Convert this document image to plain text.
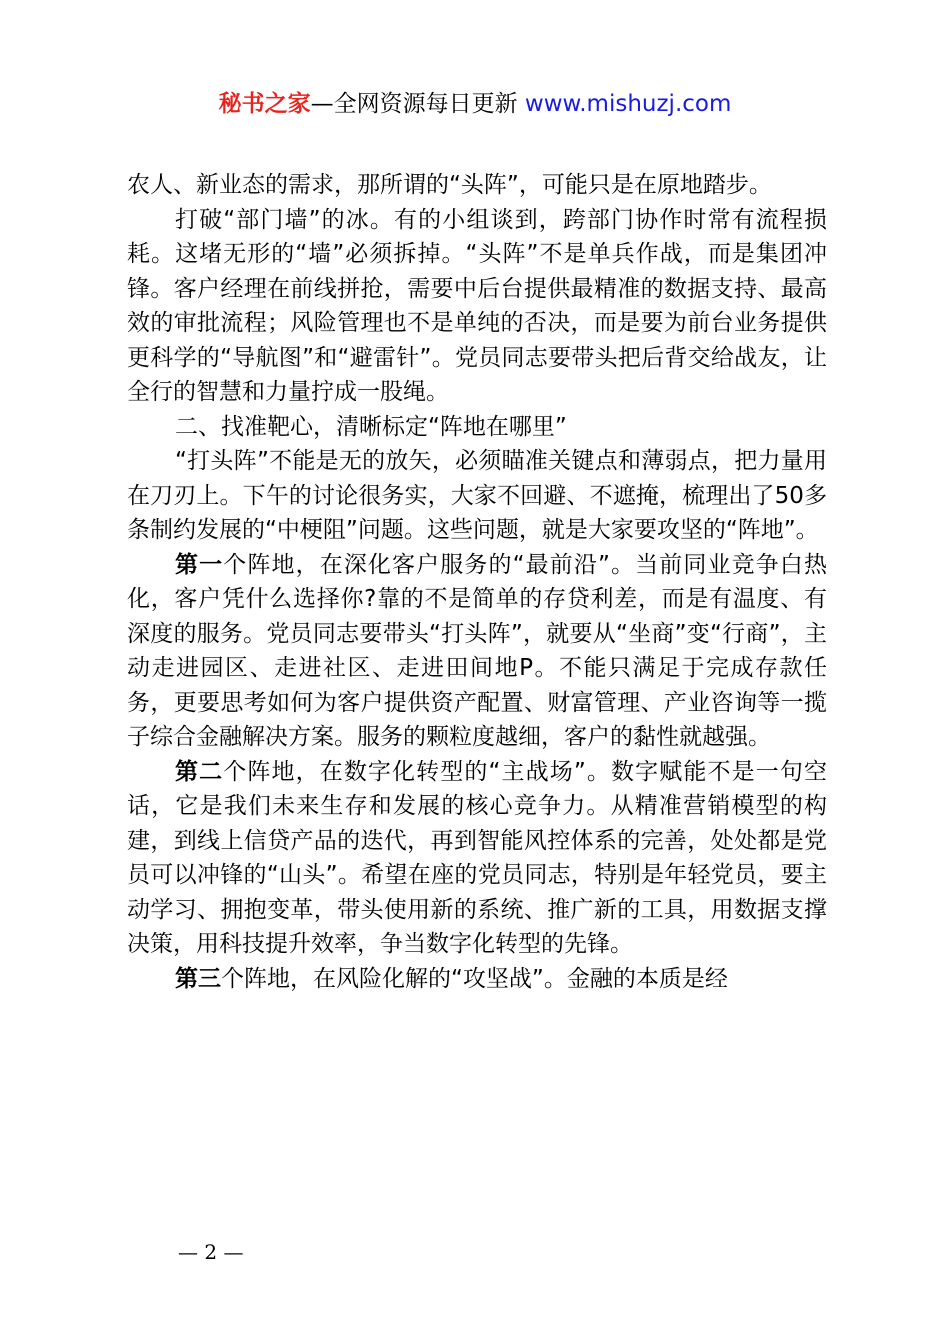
秘书之家—全网资源每日更新 www.mishuzj.com

农人、新业态的需求，那所谓的“头阵”，可能只是在原地踏步。

打破“部门墙”的冰。有的小组谈到，跨部门协作时常有流程损耗。这堵无形的“墙”必须拆掉。“头阵”不是单兵作战，而是集团冲锋。客户经理在前线拼抢，需要中后台提供最精准的数据支持、最高效的审批流程；风险管理也不是单纯的否决，而是要为前台业务提供更科学的“导航图”和“避雷针”。党员同志要带头把后背交给战友，让全行的智慧和力量拧成一股绳。

二、找准靶心，清晰标定“阵地在哪里”

“打头阵”不能是无的放矢，必须瞄准关键点和薄弱点，把力量用在刀刃上。下午的讨论很务实，大家不回避、不遮掩，梳理出了50多条制约发展的“中梗阻”问题。这些问题，就是大家要攻坚的“阵地”。

第一个阵地，在深化客户服务的“最前沿”。当前同业竞争白热化，客户凭什么选择你?靠的不是简单的存贷利差，而是有温度、有深度的服务。党员同志要带头“打头阵”，就要从“坐商”变“行商”，主动走进园区、走进社区、走进田间地P。不能只满足于完成存款任务，更要思考如何为客户提供资产配置、财富管理、产业咨询等一揽子综合金融解决方案。服务的颗粒度越细，客户的黏性就越强。

第二个阵地，在数字化转型的“主战场”。数字赋能不是一句空话，它是我们未来生存和发展的核心竞争力。从精准营销模型的构建，到线上信贷产品的迭代，再到智能风控体系的完善，处处都是党员可以冲锋的“山头”。希望在座的党员同志，特别是年轻党员，要主动学习、拥抱变革，带头使用新的系统、推广新的工具，用数据支撑决策，用科技提升效率，争当数字化转型的先锋。

第三个阵地，在风险化解的“攻坚战”。金融的本质是经

— 2 —
